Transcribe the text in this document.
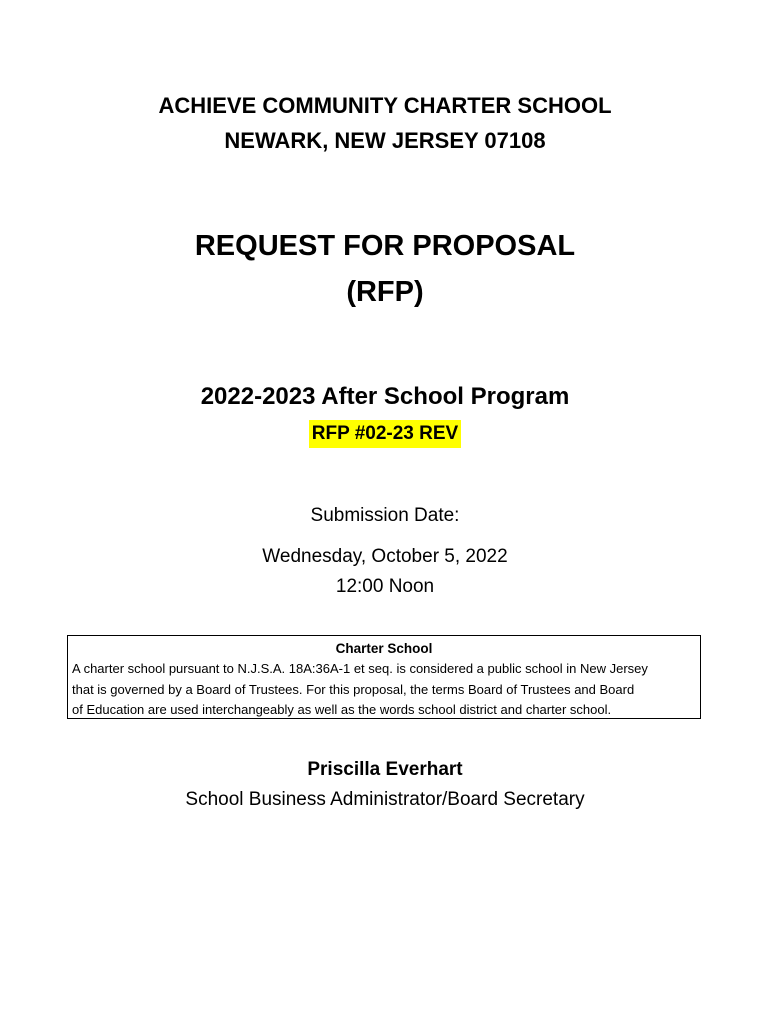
ACHIEVE COMMUNITY CHARTER SCHOOL
NEWARK, NEW JERSEY 07108
REQUEST FOR PROPOSAL
(RFP)
2022-2023 After School Program
RFP #02-23 REV
Submission Date:
Wednesday, October 5, 2022
12:00 Noon
Charter School
A charter school pursuant to N.J.S.A. 18A:36A-1 et seq. is considered a public school in New Jersey
that is governed by a Board of Trustees. For this proposal, the terms Board of Trustees and Board
of Education are used interchangeably as well as the words school district and charter school.
Priscilla Everhart
School Business Administrator/Board Secretary
